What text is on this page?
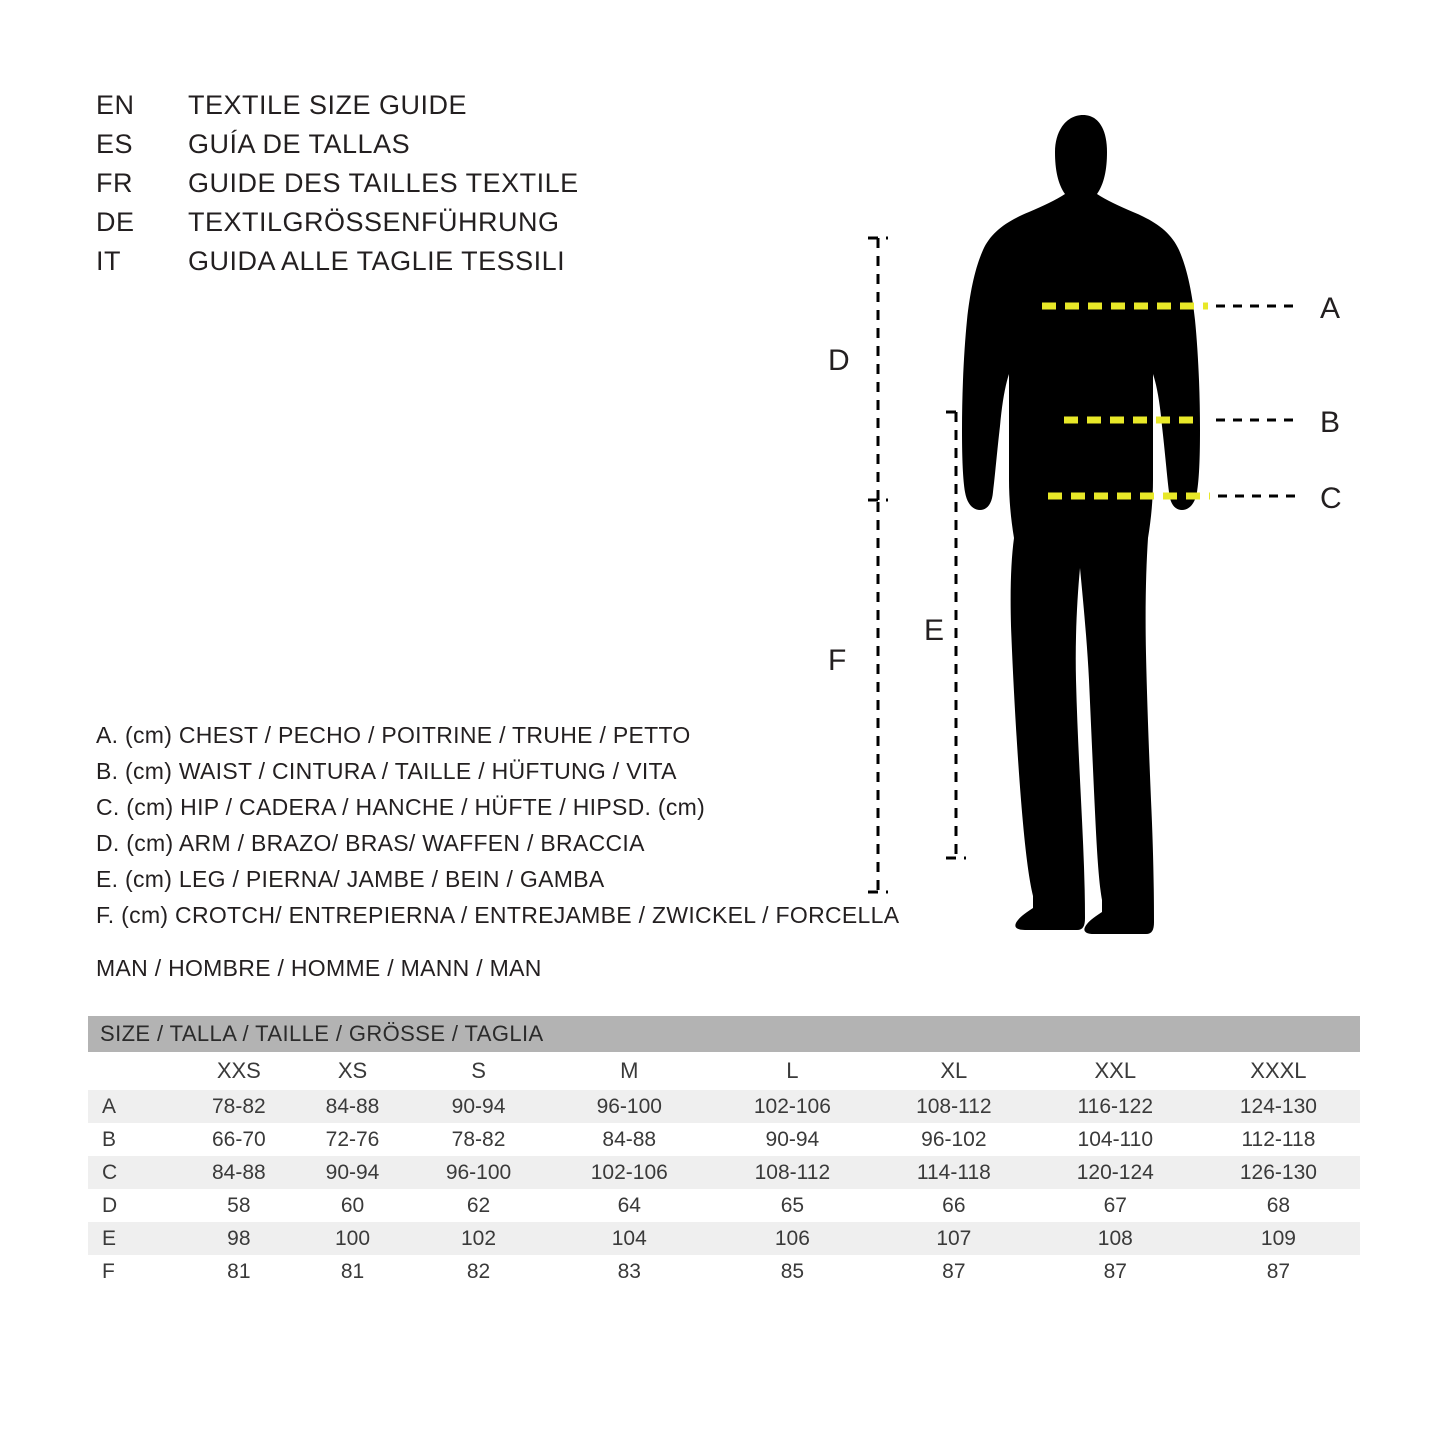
EN	TEXTILE SIZE GUIDE
ES	GUÍA DE TALLAS
FR	GUIDE DES TAILLES TEXTILE
DE	TEXTILGRÖSSENFÜHRUNG
IT	GUIDA ALLE TAGLIE TESSILI
A
B
C
D
E
F
A. (cm) CHEST / PECHO / POITRINE / TRUHE / PETTO
B. (cm) WAIST / CINTURA / TAILLE / HÜFTUNG / VITA
C. (cm) HIP / CADERA / HANCHE / HÜFTE / HIPSD. (cm)
D. (cm) ARM / BRAZO/ BRAS/ WAFFEN / BRACCIA
E. (cm) LEG / PIERNA/ JAMBE / BEIN / GAMBA
F. (cm) CROTCH/ ENTREPIERNA / ENTREJAMBE / ZWICKEL / FORCELLA
MAN / HOMBRE / HOMME / MANN / MAN
SIZE / TALLA / TAILLE / GRÖSSE / TAGLIA								
	XXS	XS	S	M	L	XL	XXL	XXXL
A	78-82	84-88	90-94	96-100	102-106	108-112	116-122	124-130
B	66-70	72-76	78-82	84-88	90-94	96-102	104-110	112-118
C	84-88	90-94	96-100	102-106	108-112	114-118	120-124	126-130
D	58	60	62	64	65	66	67	68
E	98	100	102	104	106	107	108	109
F	81	81	82	83	85	87	87	87
